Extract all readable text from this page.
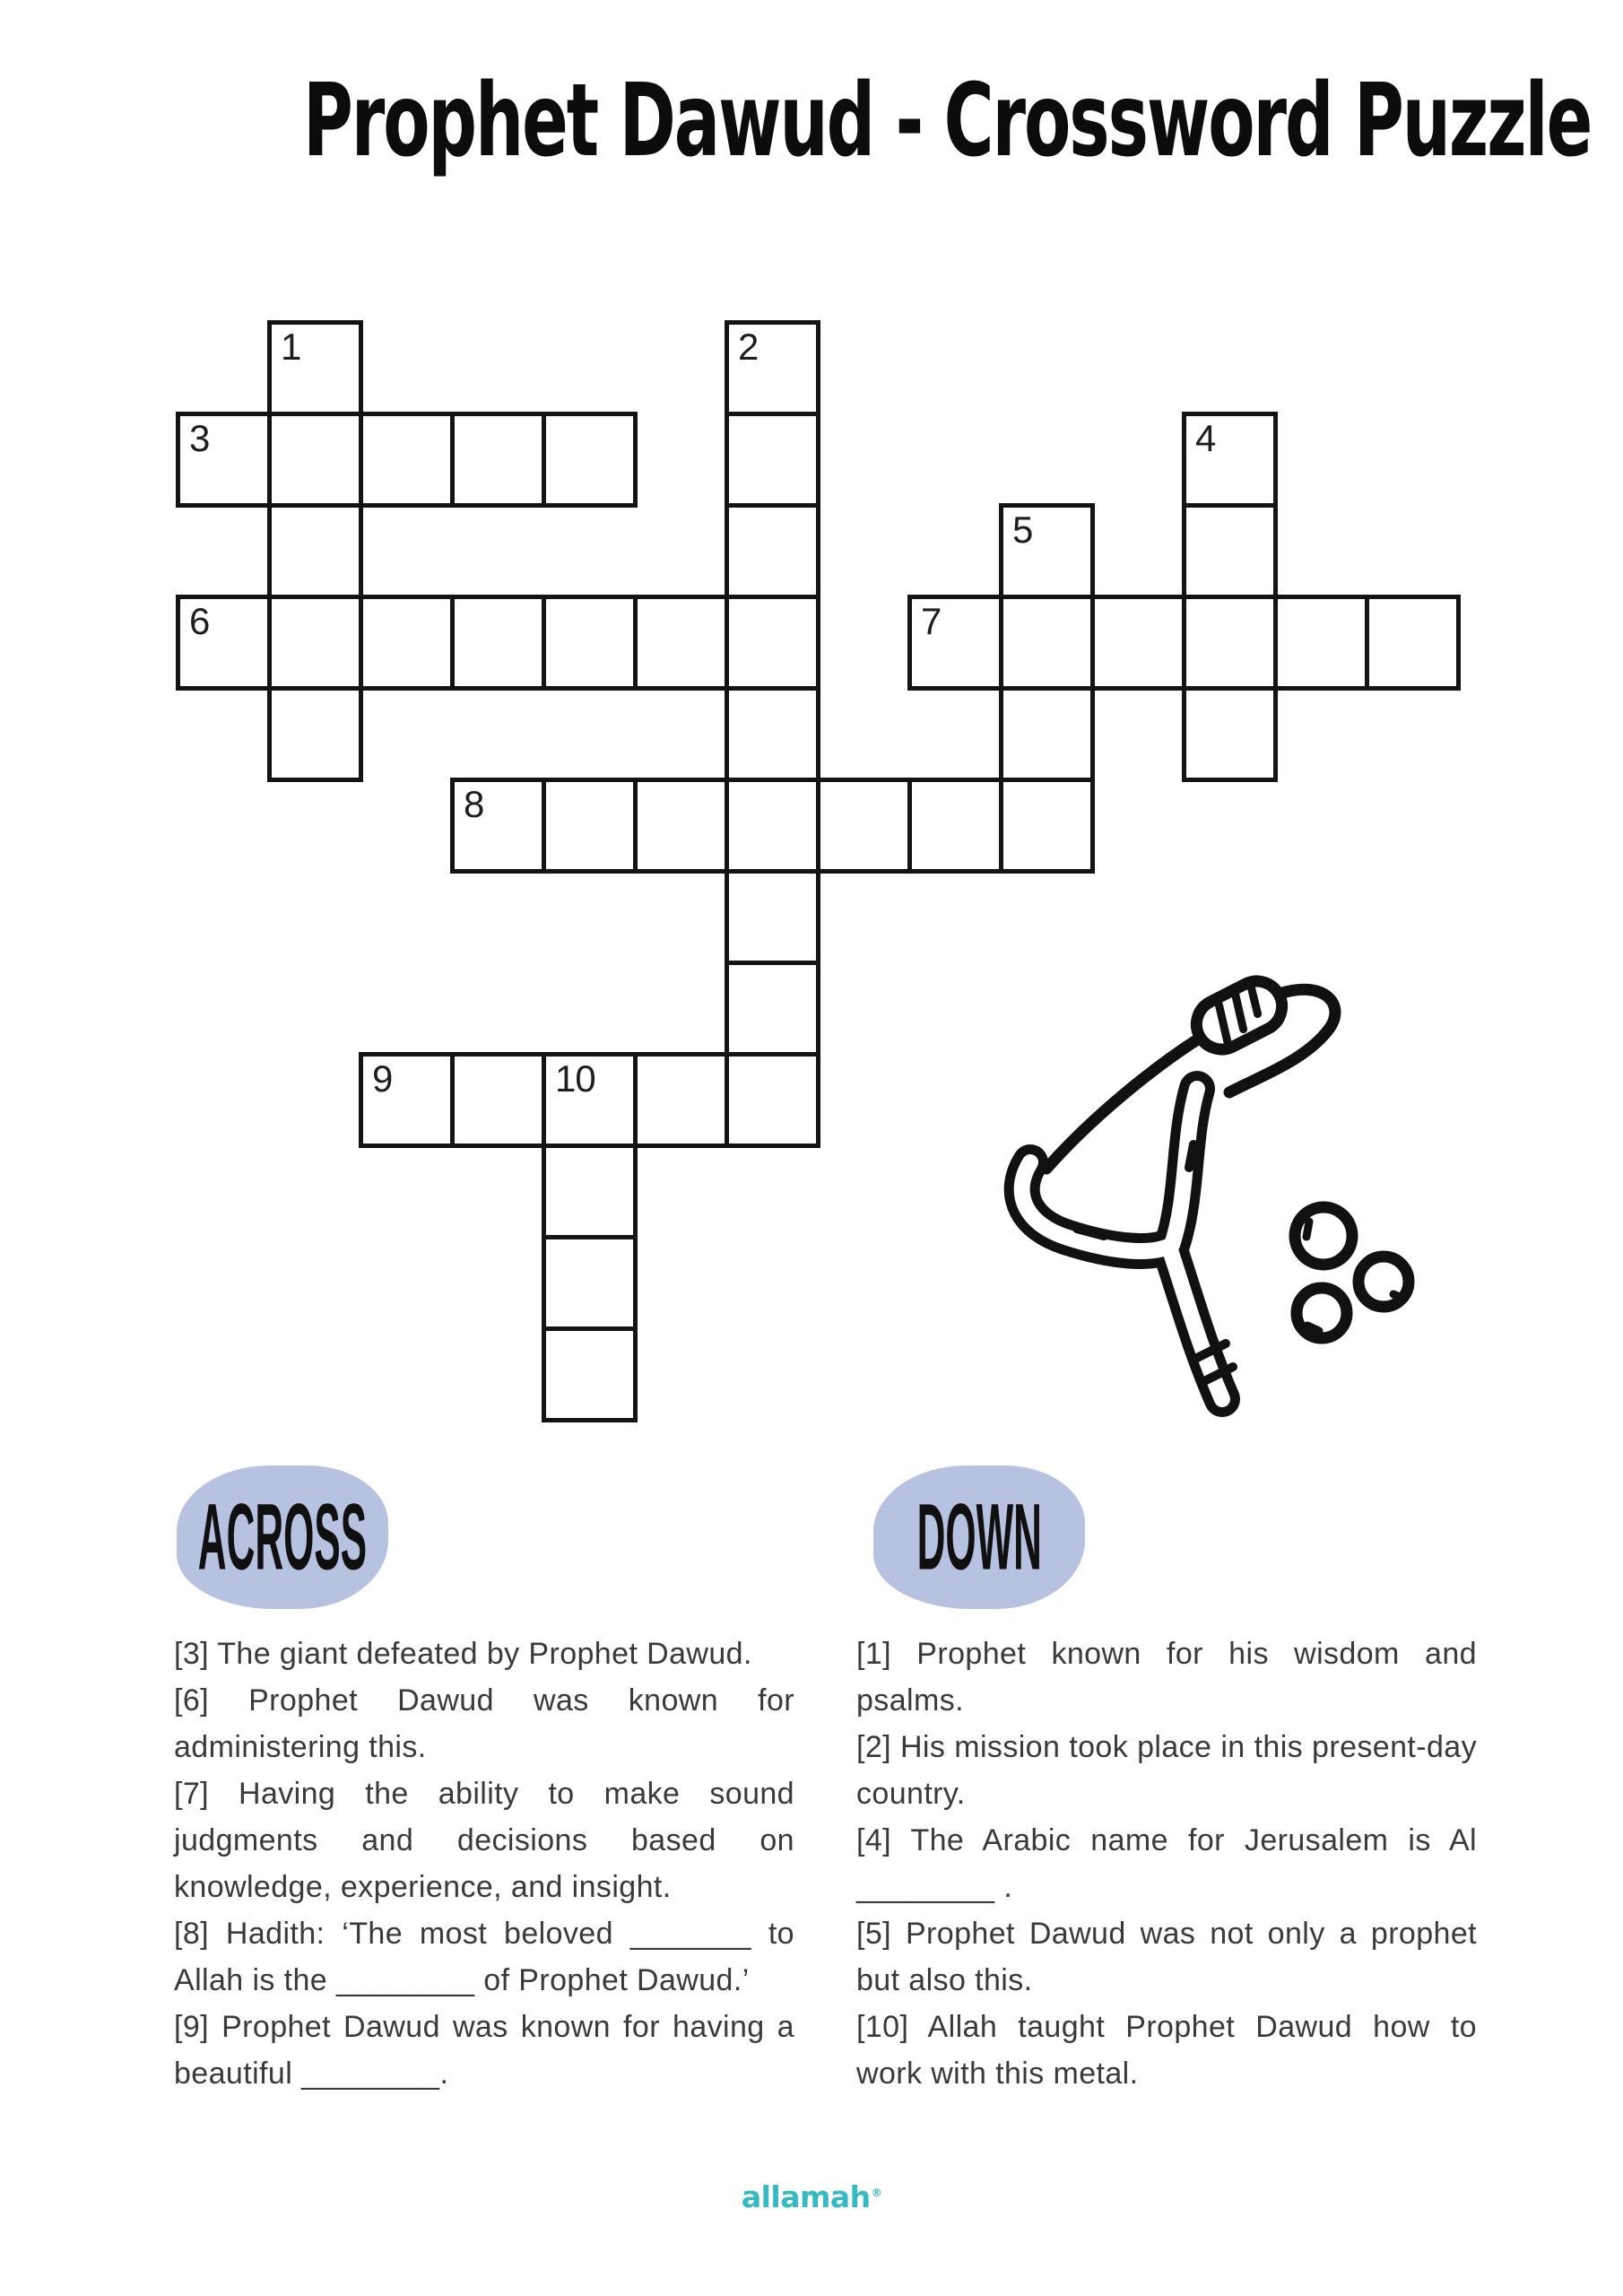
Prophet Dawud - Crossword Puzzle
1	2
3	4
5
6	7
8
9	10
ACROSS	DOWN

[3] The giant defeated by Prophet Dawud.

[6] Prophet Dawud was known for administering this.

[7] Having the ability to make sound judgments and decisions based on knowledge, experience, and insight.

[8] Hadith: ‘The most beloved _______ to Allah is the ________ of Prophet Dawud.’

[9] Prophet Dawud was known for having a beautiful ________.

[1] Prophet known for his wisdom and psalms.

[2] His mission took place in this present-day country.

[4] The Arabic name for Jerusalem is Al ________ .

[5] Prophet Dawud was not only a prophet but also this.

[10] Allah taught Prophet Dawud how to work with this metal.

allamah®
